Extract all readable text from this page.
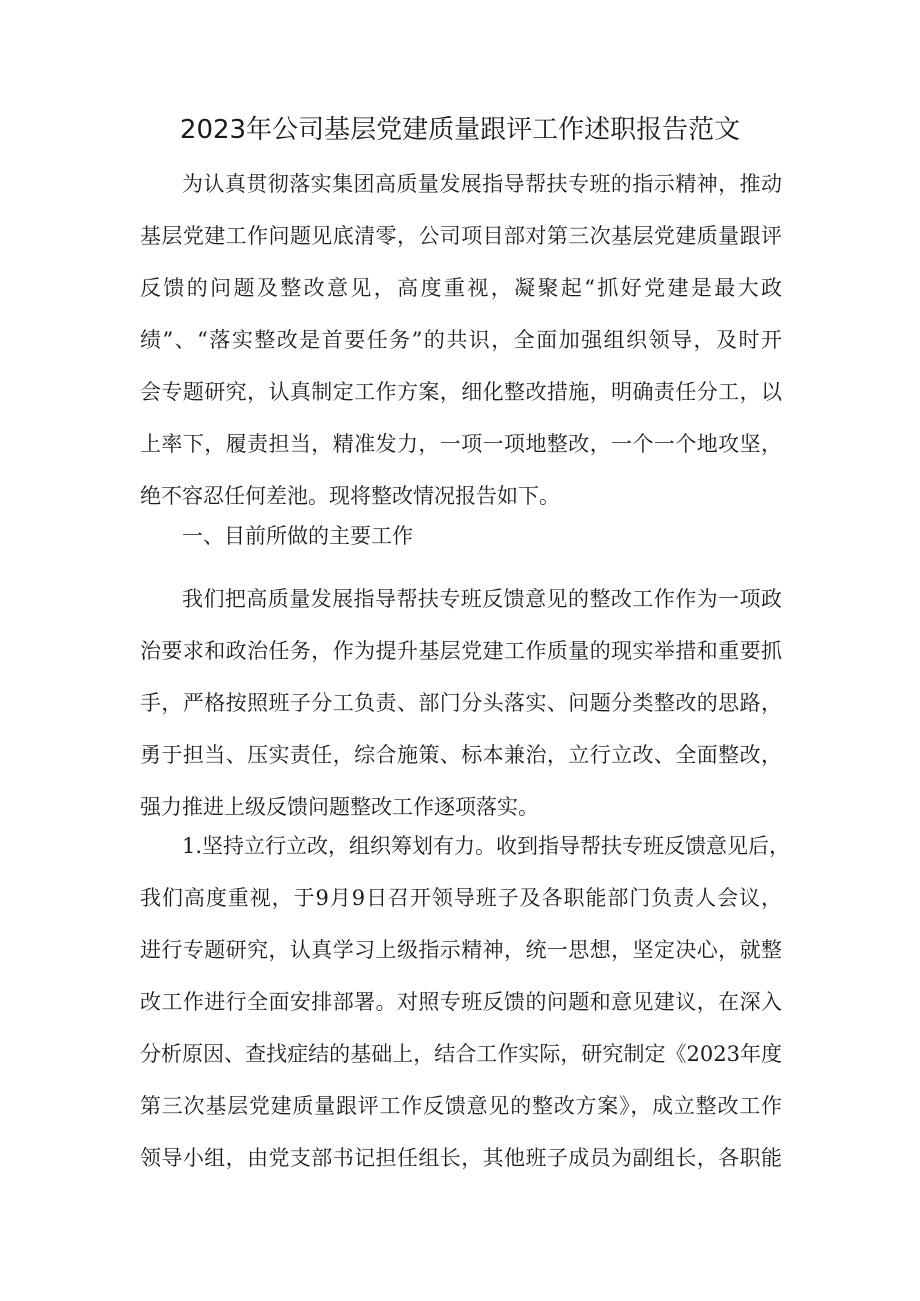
2023年公司基层党建质量跟评工作述职报告范文
为认真贯彻落实集团高质量发展指导帮扶专班的指示精神，推动
基层党建工作问题见底清零，公司项目部对第三次基层党建质量跟评
反馈的问题及整改意见，高度重视，凝聚起“抓好党建是最大政
绩”、“落实整改是首要任务”的共识，全面加强组织领导，及时开
会专题研究，认真制定工作方案，细化整改措施，明确责任分工，以
上率下，履责担当，精准发力，一项一项地整改，一个一个地攻坚，
绝不容忍任何差池。现将整改情况报告如下。
一、目前所做的主要工作
我们把高质量发展指导帮扶专班反馈意见的整改工作作为一项政
治要求和政治任务，作为提升基层党建工作质量的现实举措和重要抓
手，严格按照班子分工负责、部门分头落实、问题分类整改的思路，
勇于担当、压实责任，综合施策、标本兼治，立行立改、全面整改，
强力推进上级反馈问题整改工作逐项落实。
1.坚持立行立改，组织筹划有力。收到指导帮扶专班反馈意见后，
我们高度重视，于9月9日召开领导班子及各职能部门负责人会议，
进行专题研究，认真学习上级指示精神，统一思想，坚定决心，就整
改工作进行全面安排部署。对照专班反馈的问题和意见建议，在深入
分析原因、查找症结的基础上，结合工作实际，研究制定《2023年度
第三次基层党建质量跟评工作反馈意见的整改方案》，成立整改工作
领导小组，由党支部书记担任组长，其他班子成员为副组长，各职能
